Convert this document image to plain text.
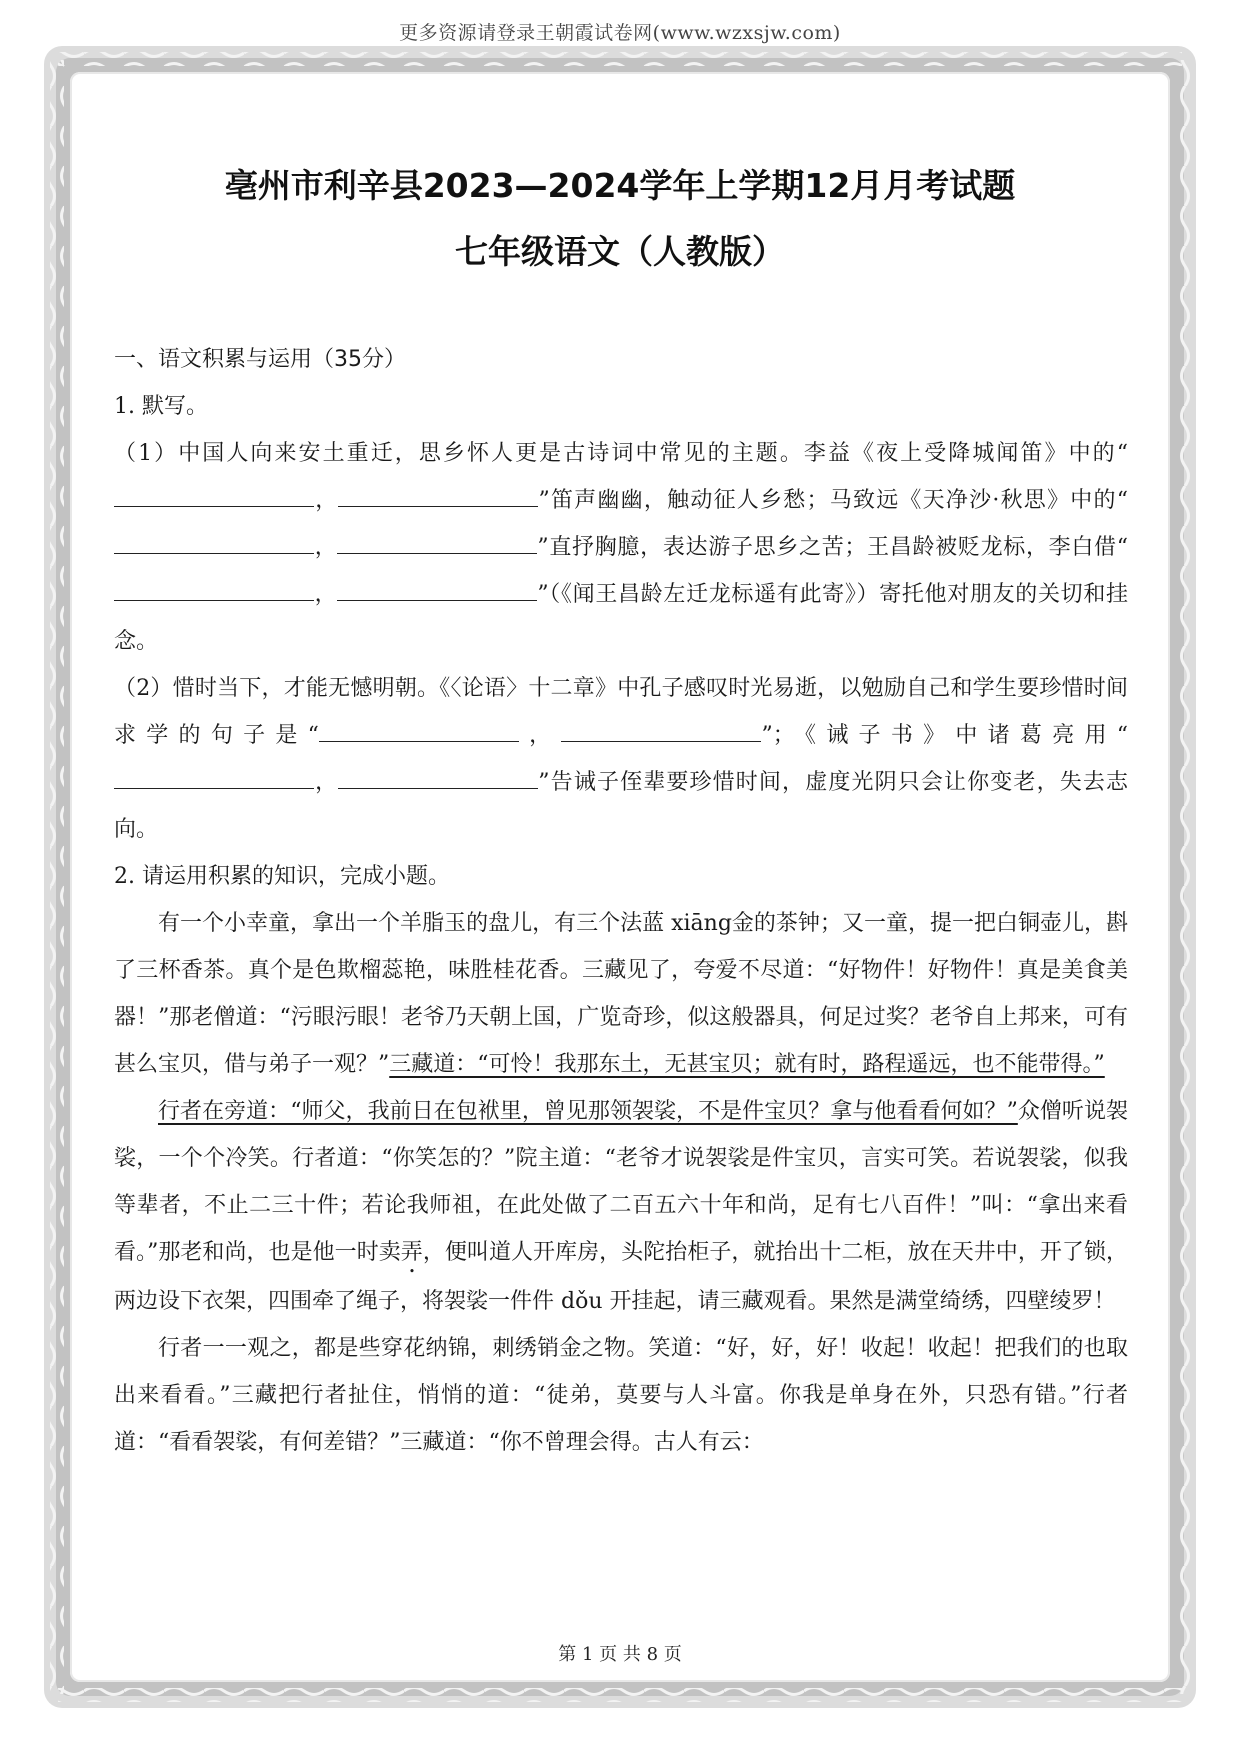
更多资源请登录王朝霞试卷网(www.wzxsjw.com)
亳州市利辛县2023—2024学年上学期12月月考试题
七年级语文（人教版）

一、语文积累与运用（35分）

1. 默写。

（1）中国人向来安土重迁，思乡怀人更是古诗词中常见的主题。李益《夜上受降城闻笛》中的“，	”笛声幽幽，触动征人乡愁；马致远《天净沙·秋思》中的“，	”直抒胸臆，表达游子思乡之苦；王昌龄被贬龙标，李白借“，	”（《闻王昌龄左迁龙标遥有此寄》）寄托他对朋友的关切和挂念。

（2）惜时当下，才能无憾明朝。《〈论语〉十二章》中孔子感叹时光易逝，以勉励自己和学生要珍惜时间求学的句子是“	，	”；《诫子书》中诸葛亮用“，	”告诫子侄辈要珍惜时间，虚度光阴只会让你变老，失去志向。

2. 请运用积累的知识，完成小题。

有一个小幸童，拿出一个羊脂玉的盘儿，有三个法蓝 xiāng金的茶钟；又一童，提一把白铜壶儿，斟了三杯香茶。真个是色欺榴蕊艳，味胜桂花香。三藏见了，夸爱不尽道：“好物件！好物件！真是美食美器！”那老僧道：“污眼污眼！老爷乃天朝上国，广览奇珍，似这般器具，何足过奖？老爷自上邦来，可有甚么宝贝，借与弟子一观？”三藏道：“可怜！我那东土，无甚宝贝；就有时，路程遥远，也不能带得。”

行者在旁道：“师父，我前日在包袱里，曾见那领袈裟，不是件宝贝？拿与他看看何如？”众僧听说袈裟，一个个冷笑。行者道：“你笑怎的？”院主道：“老爷才说袈裟是件宝贝，言实可笑。若说袈裟，似我等辈者，不止二三十件；若论我师祖，在此处做了二百五六十年和尚，足有七八百件！”叫：“拿出来看看。”那老和尚，也是他一时卖弄，便叫道人开库房，头陀抬柜子，就抬出十二柜，放在天井中，开了锁，两边设下衣架，四围牵了绳子，将袈裟一件件 dǒu 开挂起，请三藏观看。果然是满堂绮绣，四壁绫罗！

行者一一观之，都是些穿花纳锦，刺绣销金之物。笑道：“好，好，好！收起！收起！把我们的也取出来看看。”三藏把行者扯住，悄悄的道：“徒弟，莫要与人斗富。你我是单身在外，只恐有错。”行者道：“看看袈裟，有何差错？”三藏道：“你不曾理会得。古人有云：

第 1 页 共 8 页
